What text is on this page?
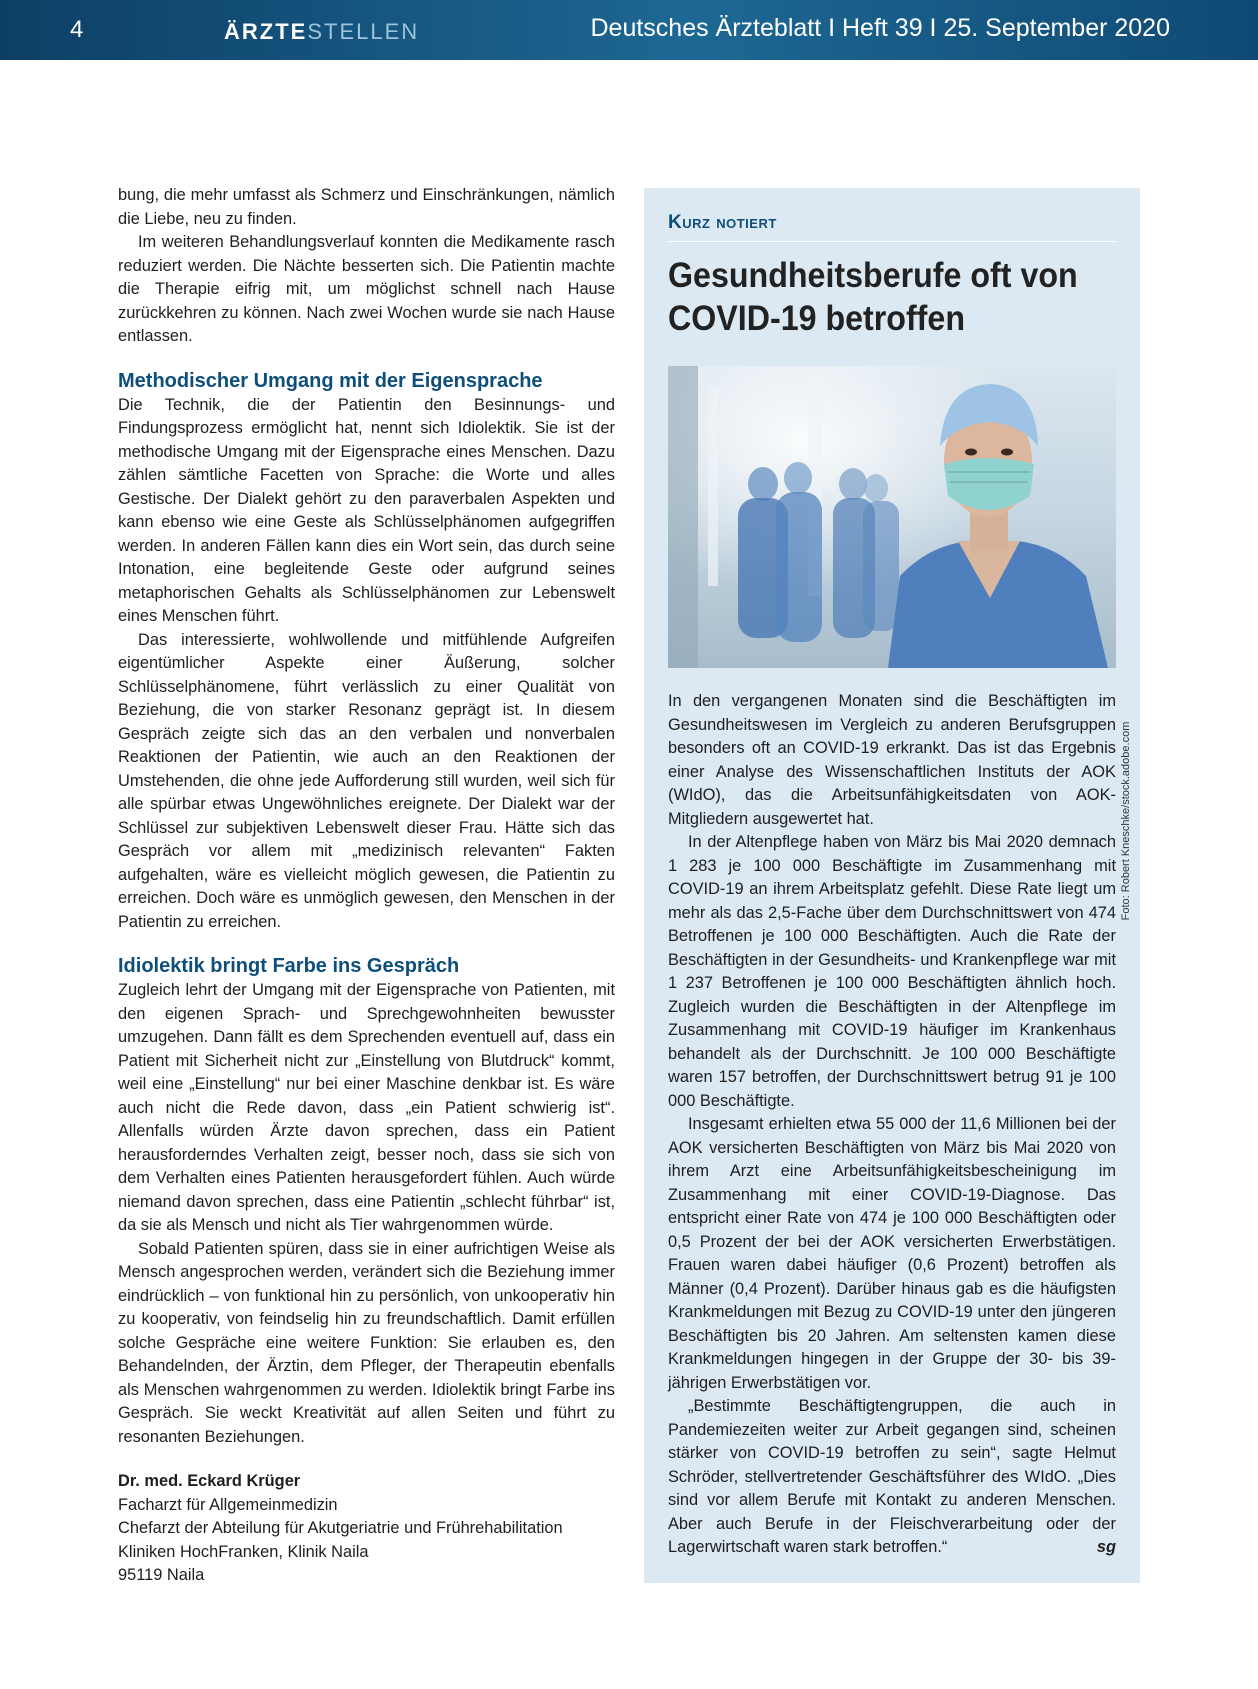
4	ÄRZTESTELLEN	Deutsches Ärzteblatt I Heft 39 I 25. September 2020

bung, die mehr umfasst als Schmerz und Einschränkungen, nämlich die Liebe, neu zu finden.

Im weiteren Behandlungsverlauf konnten die Medikamente rasch reduziert werden. Die Nächte besserten sich. Die Patientin machte die Therapie eifrig mit, um möglichst schnell nach Hause zurückkehren zu können. Nach zwei Wochen wurde sie nach Hause entlassen.

Methodischer Umgang mit der Eigensprache

Die Technik, die der Patientin den Besinnungs- und Findungsprozess ermöglicht hat, nennt sich Idiolektik. Sie ist der methodische Umgang mit der Eigensprache eines Menschen. Dazu zählen sämtliche Facetten von Sprache: die Worte und alles Gestische. Der Dialekt gehört zu den paraverbalen Aspekten und kann ebenso wie eine Geste als Schlüsselphänomen aufgegriffen werden. In anderen Fällen kann dies ein Wort sein, das durch seine Intonation, eine begleitende Geste oder aufgrund seines metaphorischen Gehalts als Schlüsselphänomen zur Lebenswelt eines Menschen führt.

Das interessierte, wohlwollende und mitfühlende Aufgreifen eigentümlicher Aspekte einer Äußerung, solcher Schlüsselphänomene, führt verlässlich zu einer Qualität von Beziehung, die von starker Resonanz geprägt ist. In diesem Gespräch zeigte sich das an den verbalen und nonverbalen Reaktionen der Patientin, wie auch an den Reaktionen der Umstehenden, die ohne jede Aufforderung still wurden, weil sich für alle spürbar etwas Ungewöhnliches ereignete. Der Dialekt war der Schlüssel zur subjektiven Lebenswelt dieser Frau. Hätte sich das Gespräch vor allem mit „medizinisch relevanten“ Fakten aufgehalten, wäre es vielleicht möglich gewesen, die Patientin zu erreichen. Doch wäre es unmöglich gewesen, den Menschen in der Patientin zu erreichen.

Idiolektik bringt Farbe ins Gespräch

Zugleich lehrt der Umgang mit der Eigensprache von Patienten, mit den eigenen Sprach- und Sprechgewohnheiten bewusster umzugehen. Dann fällt es dem Sprechenden eventuell auf, dass ein Patient mit Sicherheit nicht zur „Einstellung von Blutdruck“ kommt, weil eine „Einstellung“ nur bei einer Maschine denkbar ist. Es wäre auch nicht die Rede davon, dass „ein Patient schwierig ist“. Allenfalls würden Ärzte davon sprechen, dass ein Patient herausforderndes Verhalten zeigt, besser noch, dass sie sich von dem Verhalten eines Patienten herausgefordert fühlen. Auch würde niemand davon sprechen, dass eine Patientin „schlecht führbar“ ist, da sie als Mensch und nicht als Tier wahrgenommen würde.

Sobald Patienten spüren, dass sie in einer aufrichtigen Weise als Mensch angesprochen werden, verändert sich die Beziehung immer eindrücklich – von funktional hin zu persönlich, von unkooperativ hin zu kooperativ, von feindselig hin zu freundschaftlich. Damit erfüllen solche Gespräche eine weitere Funktion: Sie erlauben es, den Behandelnden, der Ärztin, dem Pfleger, der Therapeutin ebenfalls als Menschen wahrgenommen zu werden. Idiolektik bringt Farbe ins Gespräch. Sie weckt Kreativität auf allen Seiten und führt zu resonanten Beziehungen.

Dr. med. Eckard Krüger
Facharzt für Allgemeinmedizin
Chefarzt der Abteilung für Akutgeriatrie und Frührehabilitation
Kliniken HochFranken, Klinik Naila
95119 Naila
Kurz notiert
Gesundheitsberufe oft von
COVID-19 betroffen

In den vergangenen Monaten sind die Beschäftigten im Gesundheitswesen im Vergleich zu anderen Berufsgruppen besonders oft an COVID-19 erkrankt. Das ist das Ergebnis einer Analyse des Wissenschaftlichen Instituts der AOK (WIdO), das die Arbeitsunfähigkeitsdaten von AOK-Mitgliedern ausgewertet hat.

In der Altenpflege haben von März bis Mai 2020 demnach 1 283 je 100 000 Beschäftigte im Zusammenhang mit COVID-19 an ihrem Arbeitsplatz gefehlt. Diese Rate liegt um mehr als das 2,5-Fache über dem Durchschnittswert von 474 Betroffenen je 100 000 Beschäftigten. Auch die Rate der Beschäftigten in der Gesundheits- und Krankenpflege war mit 1 237 Betroffenen je 100 000 Beschäftigten ähnlich hoch. Zugleich wurden die Beschäftigten in der Altenpflege im Zusammenhang mit COVID-19 häufiger im Krankenhaus behandelt als der Durchschnitt. Je 100 000 Beschäftigte waren 157 betroffen, der Durchschnittswert betrug 91 je 100 000 Beschäftigte.

Insgesamt erhielten etwa 55 000 der 11,6 Millionen bei der AOK versicherten Beschäftigten von März bis Mai 2020 von ihrem Arzt eine Arbeitsunfähigkeitsbescheinigung im Zusammenhang mit einer COVID-19-Diagnose. Das entspricht einer Rate von 474 je 100 000 Beschäftigten oder 0,5 Prozent der bei der AOK versicherten Erwerbstätigen. Frauen waren dabei häufiger (0,6 Prozent) betroffen als Männer (0,4 Prozent). Darüber hinaus gab es die häufigsten Krankmeldungen mit Bezug zu COVID-19 unter den jüngeren Beschäftigten bis 20 Jahren. Am seltensten kamen diese Krankmeldungen hingegen in der Gruppe der 30- bis 39-jährigen Erwerbstätigen vor.

„Bestimmte Beschäftigtengruppen, die auch in Pandemiezeiten weiter zur Arbeit gegangen sind, scheinen stärker von COVID-19 betroffen zu sein“, sagte Helmut Schröder, stellvertretender Geschäftsführer des WIdO. „Dies sind vor allem Berufe mit Kontakt zu anderen Menschen. Aber auch Berufe in der Fleischverarbeitung oder der Lagerwirtschaft waren stark betroffen.“	sg

Foto: Robert Kneschke/stock.adobe.com
